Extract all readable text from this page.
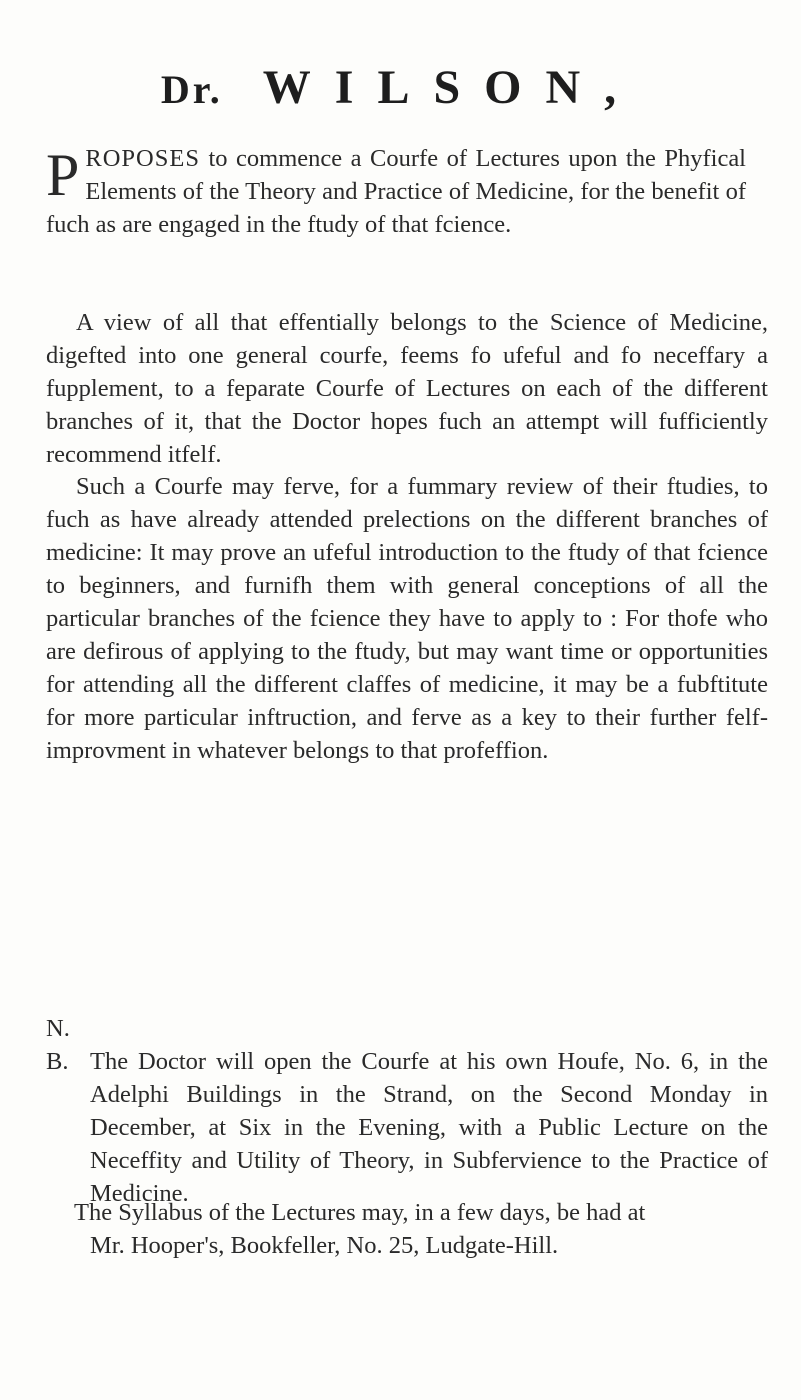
Dr. WILSON,
PROPOSES to commence a Courfe of Lectures upon the Phyfical Elements of the Theory and Practice of Medicine, for the benefit of fuch as are engaged in the ftudy of that fcience.

A view of all that effentially belongs to the Science of Medicine, digefted into one general courfe, feems fo ufeful and fo neceffary a fupplement, to a feparate Courfe of Lectures on each of the different branches of it, that the Doctor hopes fuch an attempt will fufficiently recommend itfelf.

Such a Courfe may ferve, for a fummary review of their ftudies, to fuch as have already attended prelections on the different branches of medicine: It may prove an ufeful introduction to the ftudy of that fcience to beginners, and furnifh them with general conceptions of all the particular branches of the fcience they have to apply to : For thofe who are defirous of applying to the ftudy, but may want time or opportunities for attending all the different claffes of medicine, it may be a fubftitute for more particular inftruction, and ferve as a key to their further felf-improvment in whatever belongs to that profeffion.

N. B. The Doctor will open the Courfe at his own Houfe, No. 6, in the Adelphi Buildings in the Strand, on the Second Monday in December, at Six in the Evening, with a Public Lecture on the Neceffity and Utility of Theory, in Subfervience to the Practice of Medicine.
The Syllabus of the Lectures may, in a few days, be had at
Mr. Hooper's, Bookfeller, No. 25, Ludgate-Hill.
